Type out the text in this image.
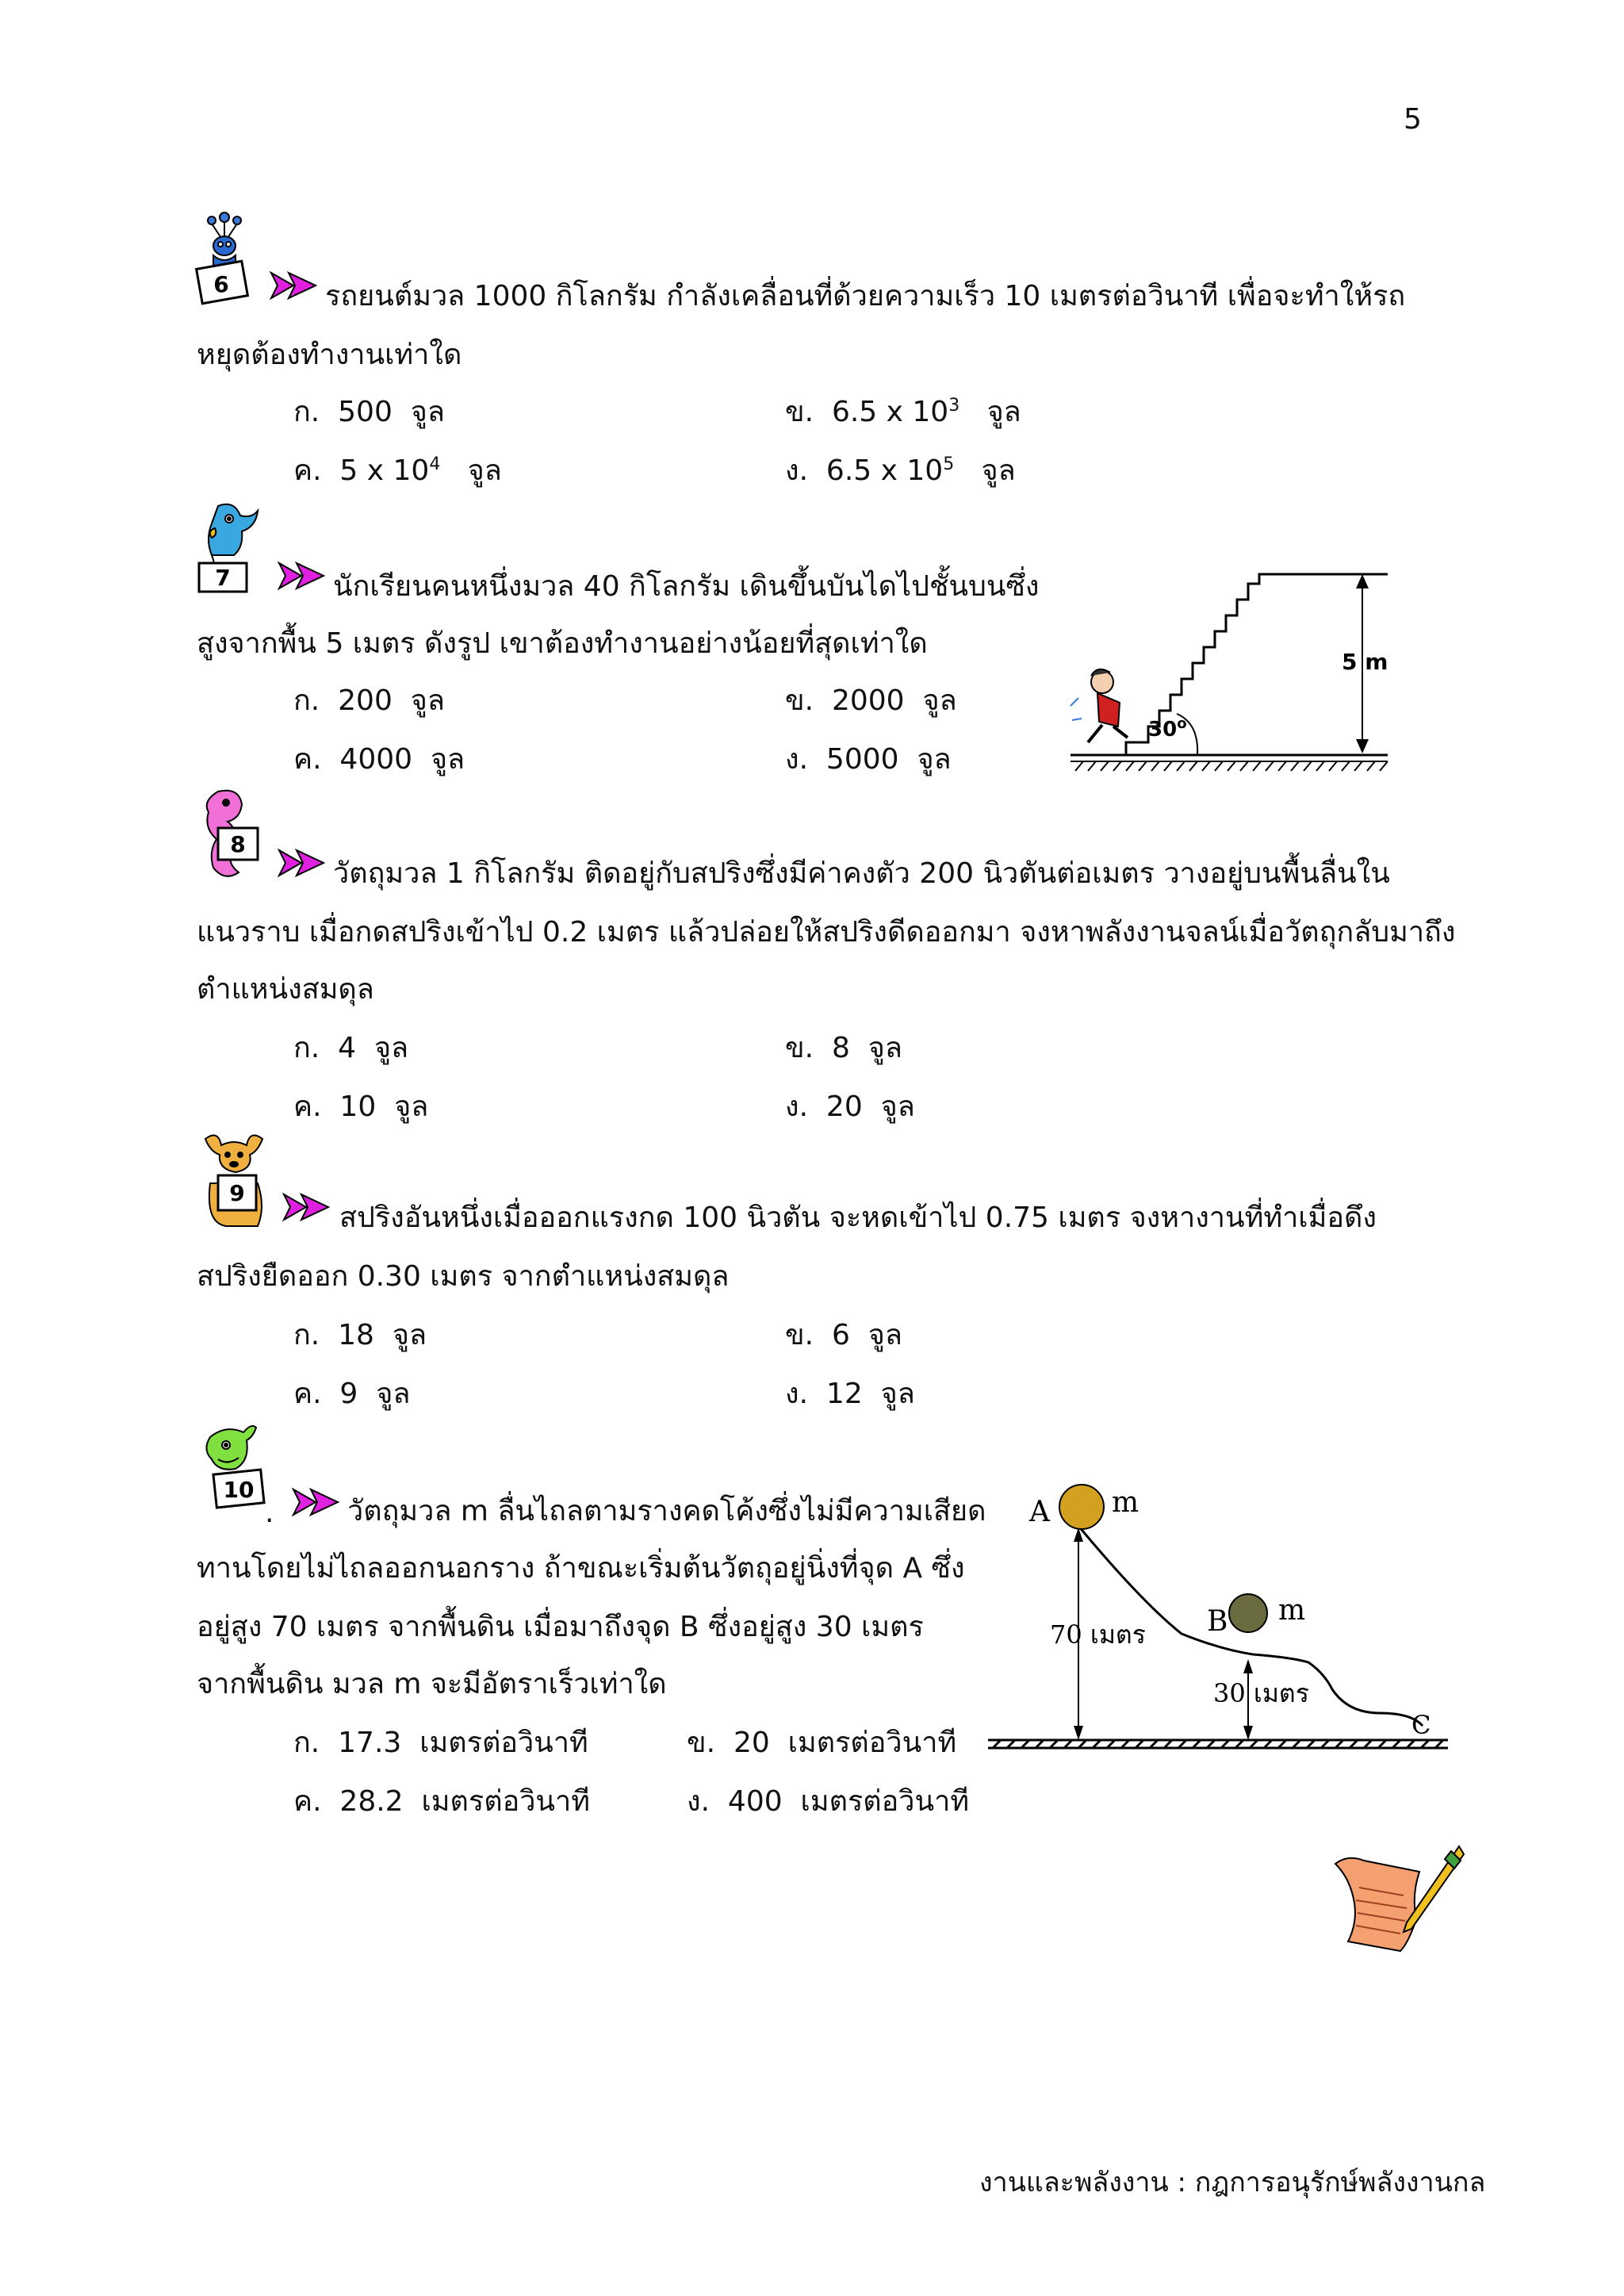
5
6	รถยนต์มวล 1000 กิโลกรัม กำลังเคลื่อนที่ด้วยความเร็ว 10 เมตรต่อวินาที เพื่อจะทำให้รถ
หยุดต้องทำงานเท่าใด
ก. 500 จูล	ข. 6.5 x $10^3$ จูล
ค. 5 x $10^4$ จูล	ง. 6.5 x $10^5$ จูล
7	นักเรียนคนหนึ่งมวล 40 กิโลกรัม เดินขึ้นบันไดไปชั้นบนซึ่ง
สูงจากพื้น 5 เมตร ดังรูป เขาต้องทำงานอย่างน้อยที่สุดเท่าใด
ก. 200 จูล	ข. 2000 จูล
ค. 4000 จูล	ง. 5000 จูล
5 m
30$^o$
8
วัตถุมวล 1 กิโลกรัม ติดอยู่กับสปริงซึ่งมีค่าคงตัว 200 นิวตันต่อเมตร วางอยู่บนพื้นลื่นใน
แนวราบ เมื่อกดสปริงเข้าไป 0.2 เมตร แล้วปล่อยให้สปริงดีดออกมา จงหาพลังงานจลน์เมื่อวัตถุกลับมาถึง
ตำแหน่งสมดุล
ก. 4 จูล	ข. 8 จูล
ค. 10 จูล	ง. 20 จูล
9
สปริงอันหนึ่งเมื่อออกแรงกด 100 นิวตัน จะหดเข้าไป 0.75 เมตร จงหางานที่ทำเมื่อดึง
สปริงยืดออก 0.30 เมตร จากตำแหน่งสมดุล
ก. 18 จูล	ข. 6 จูล
ค. 9 จูล	ง. 12 จูล
10
.	วัตถุมวล m ลื่นไถลตามรางคดโค้งซึ่งไม่มีความเสียด
ทานโดยไม่ไถลออกนอกราง ถ้าขณะเริ่มต้นวัตถุอยู่นิ่งที่จุด A ซึ่ง
อยู่สูง 70 เมตร จากพื้นดิน เมื่อมาถึงจุด B ซึ่งอยู่สูง 30 เมตร
จากพื้นดิน มวล m จะมีอัตราเร็วเท่าใด
ก. 17.3 เมตรต่อวินาที	ข. 20 เมตรต่อวินาที
ค. 28.2 เมตรต่อวินาที	ง. 400 เมตรต่อวินาที
A m
B m
C
70 เมตร
30 เมตร
งานและพลังงาน : กฎการอนุรักษ์พลังงานกล
